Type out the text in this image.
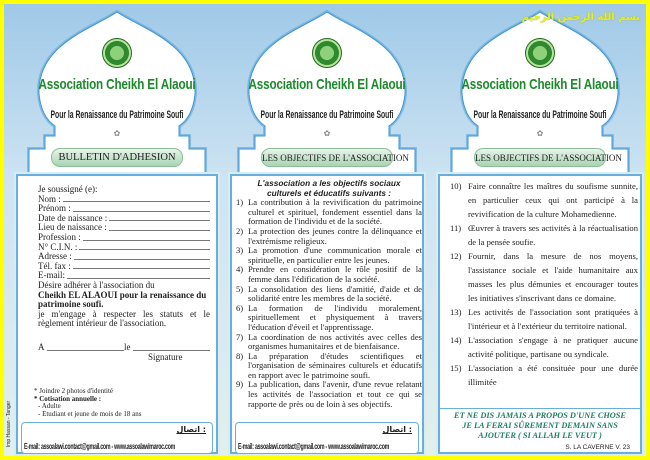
بسم الله الرحمن الرحيم
Imp Hassan - Tanger
Association Cheikh El Alaoui
Pour la Renaissance du Patrimoine Soufi
✿
BULLETIN D'ADHESION
Je soussigné (e):
Nom :
Prénom :
Date de naissance :
Lieu de naissance :
Profession :
N° C.I.N. :
Adresse :
Tél. fax :
E-mail:
Désire adhérer à l'association du
Cheikh EL ALAOUI pour la renaissance du patrimoine soufi.
je m'engage à respecter les statuts et le règlement intérieur de l'association.
A	le
Signature
* Joindre 2 photos d'identité
* Cotisation annuelle :
- Adulte
- Etudiant et jeune de mois de 18 ans
اتصال :
E-mail: assoalawi.contact@gmail.com - www.assoalawimaroc.com
Association Cheikh El Alaoui
Pour la Renaissance du Patrimoine Soufi
✿
LES OBJECTIFS DE L'ASSOCIATION
L'association a les objectifs sociaux culturels et éducatifs suivants :
1) La contribution à la revivification du patrimoine culturel et spirituel, fondement essentiel dans la formation de l'individu et de la société.
2) La protection des jeunes contre la délinquance et l'extrémisme religieux.
3) La promotion d'une communication morale et spirituelle, en particulier entre les jeunes.
4) Prendre en considération le rôle positif de la femme dans l'édification de la société.
5) La consolidation des liens d'amitié, d'aide et de solidarité entre les membres de la société.
6) La formation de l'individu moralement, spirituellement et physiquement à travers l'éducation d'éveil et l'apprentissage.
7) La coordination de nos activités avec celles des organismes humanitaires et de bienfaisance.
8) La préparation d'études scientifiques et l'organisation de séminaires culturels et éducatifs en rapport avec le patrimoine soufi.
9) La publication, dans l'avenir, d'une revue relatant les activités de l'association et tout ce qui se rapporte de près ou de loin à ses objectifs.
اتصال :
E-mail: assoalawi.contact@gmail.com - www.assoalawimaroc.com
Association Cheikh El Alaoui
Pour la Renaissance du Patrimoine Soufi
✿
LES OBJECTIFS DE L'ASSOCIATION
10) Faire connaître les maîtres du soufisme sunnite, en particulier ceux qui ont participé à la revivification de la culture Mohamedienne.
11) Œuvrer à travers ses activités à la réactualisation de la pensée soufie.
12) Fournir, dans la mesure de nos moyens, l'assistance sociale et l'aide humanitaire aux masses les plus démunies et encourager toutes les initiatives s'inscrivant dans ce domaine.
13) Les activités de l'association sont pratiquées à l'intérieur et à l'extérieur du territoire national.
14) L'association s'engage à ne pratiquer aucune activité politique, partisane ou syndicale.
15) L'association a été consituée pour une durée illimitée
ET NE DIS JAMAIS A PROPOS D'UNE CHOSE JE LA FERAI SÛREMENT DEMAIN SANS AJOUTER ( SI ALLAH LE VEUT )
S. LA CAVERNE V. 23
